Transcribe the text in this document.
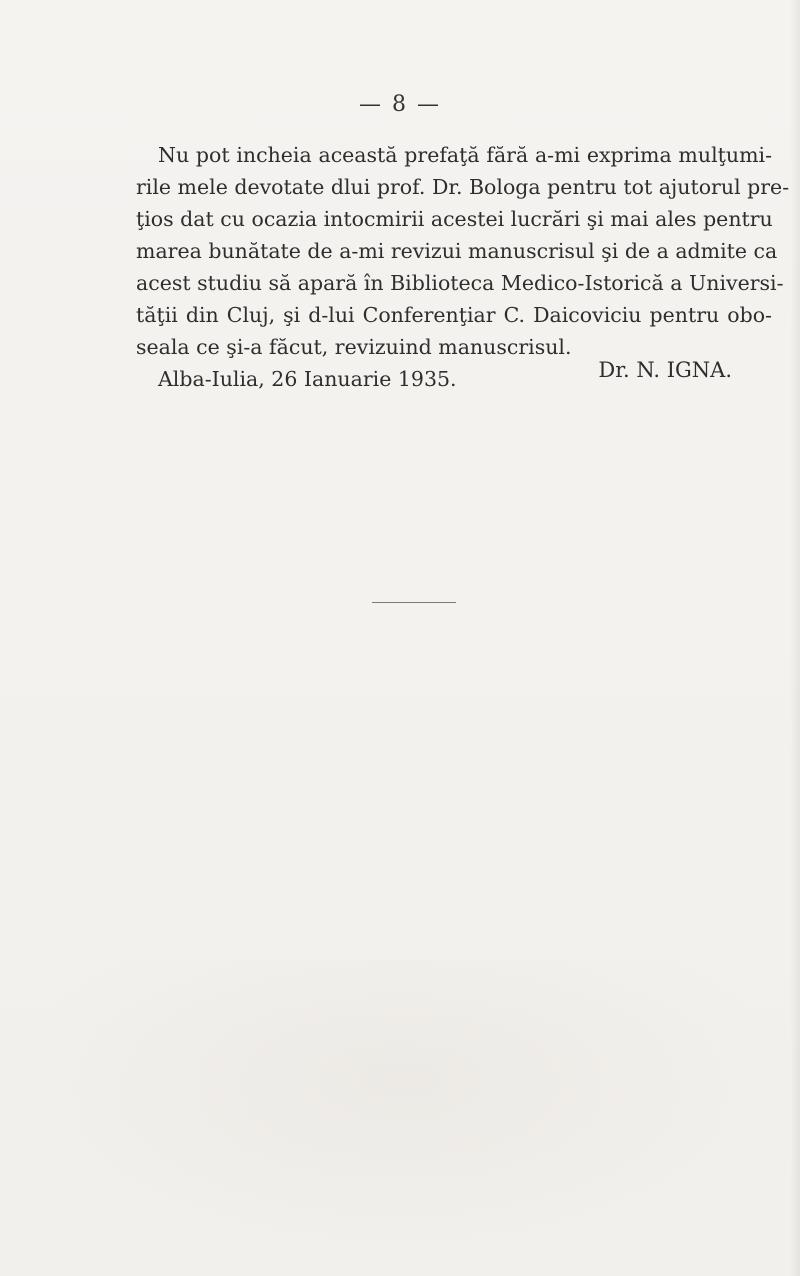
— 8 —
Nu pot incheia această prefaţă fără a-mi exprima mulţumi-
rile mele devotate dlui prof. Dr. Bologa pentru tot ajutorul pre-
ţios dat cu ocazia intocmirii acestei lucrări şi mai ales pentru
marea bunătate de a-mi revizui manuscrisul şi de a admite ca
acest studiu să apară în Biblioteca Medico-Istorică a Universi-
tăţii din Cluj, şi d-lui Conferenţiar C. Daicoviciu pentru obo-
seala ce şi-a făcut, revizuind manuscrisul.
Alba-Iulia, 26 Ianuarie 1935.	Dr. N. IGNA.
